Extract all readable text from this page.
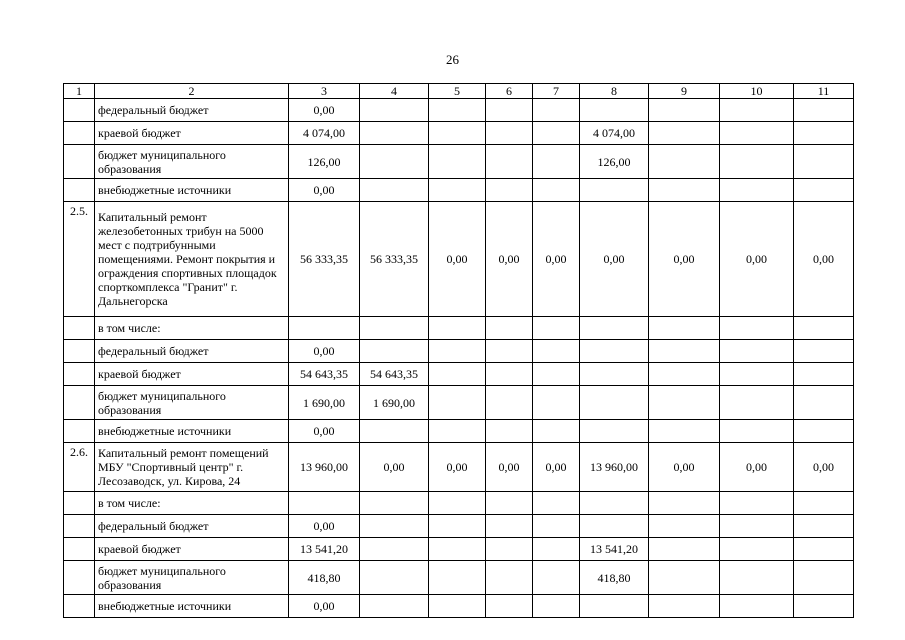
26
1	2	3	4	5	6	7	8	9	10	11
	федеральный бюджет	0,00								
	краевой бюджет	4 074,00					4 074,00			
	бюджет муниципального образования	126,00					126,00			
	внебюджетные источники	0,00								
2.5.	Капитальный ремонт железобетонных трибун на 5000 мест с подтрибунными помещениями. Ремонт покрытия и ограждения спортивных площадок спорткомплекса "Гранит" г. Дальнегорска	56 333,35	56 333,35	0,00	0,00	0,00	0,00	0,00	0,00	0,00
	в том числе:									
	федеральный бюджет	0,00								
	краевой бюджет	54 643,35	54 643,35							
	бюджет муниципального образования	1 690,00	1 690,00							
	внебюджетные источники	0,00								
2.6.	Капитальный ремонт помещений МБУ "Спортивный центр" г. Лесозаводск, ул. Кирова, 24	13 960,00	0,00	0,00	0,00	0,00	13 960,00	0,00	0,00	0,00
	в том числе:									
	федеральный бюджет	0,00								
	краевой бюджет	13 541,20					13 541,20			
	бюджет муниципального образования	418,80					418,80			
	внебюджетные источники	0,00								
